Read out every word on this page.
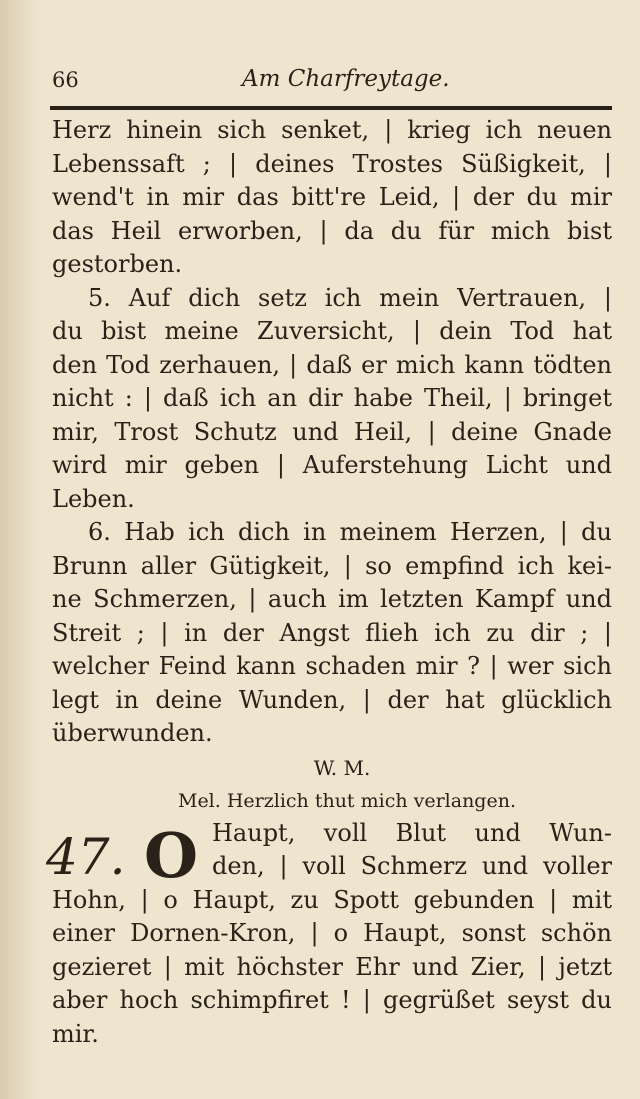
66	Am Charfreytage.
Herz hinein sich senket, | krieg ich neuen
Lebenssaft ; | deines Trostes Süßigkeit, |
wend't in mir das bitt're Leid, | der du mir
das Heil erworben, | da du für mich bist
gestorben.
5. Auf dich setz ich mein Vertrauen, |
du bist meine Zuversicht, | dein Tod hat
den Tod zerhauen, | daß er mich kann tödten
nicht : | daß ich an dir habe Theil, | bringet
mir, Trost Schutz und Heil, | deine Gnade
wird mir geben | Auferstehung Licht und
Leben.
6. Hab ich dich in meinem Herzen, | du
Brunn aller Gütigkeit, | so empfind ich kei-
ne Schmerzen, | auch im letzten Kampf und
Streit ; | in der Angst flieh ich zu dir ; |
welcher Feind kann schaden mir ? | wer sich
legt in deine Wunden, | der hat glücklich
überwunden.
W. M.
Mel. Herzlich thut mich verlangen.
47. O Haupt, voll Blut und Wun-
den, | voll Schmerz und voller
Hohn, | o Haupt, zu Spott gebunden | mit
einer Dornen-Kron, | o Haupt, sonst schön
gezieret | mit höchster Ehr und Zier, | jetzt
aber hoch schimpfiret ! | gegrüßet seyst du
mir.
